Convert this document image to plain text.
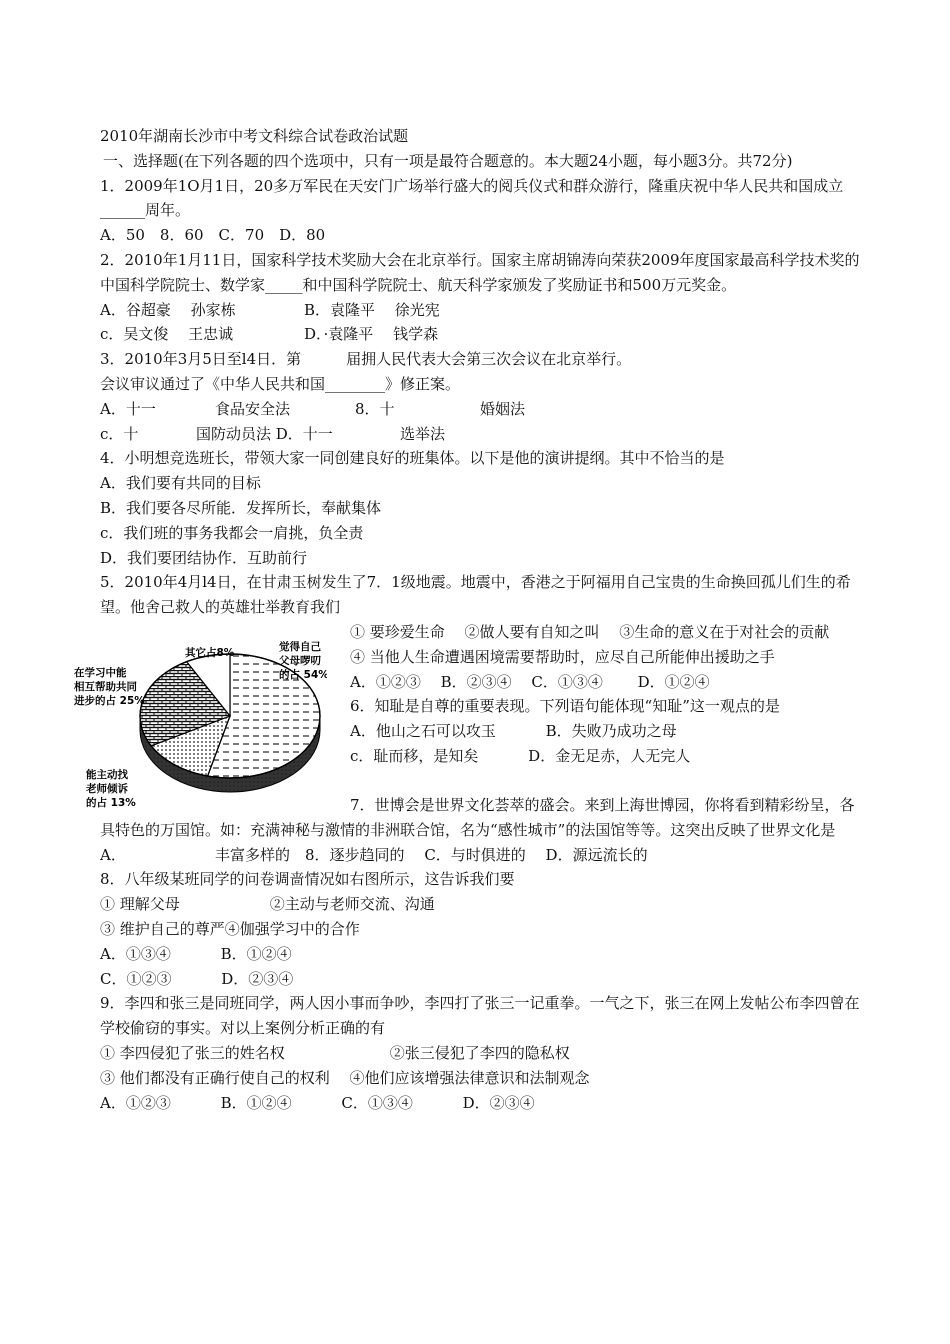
2010年湖南长沙市中考文科综合试卷政治试题
一、选择题(在下列各题的四个选项中，只有一项是最符合题意的。本大题24小题，每小题3分。共72分)
1．2009年1O月1日，20多万军民在天安门广场举行盛大的阅兵仪式和群众游行，隆重庆祝中华人民共和国成立______周年。
A．50　8．60　C．70　D．80
2．2010年1月11日，国家科学技术奖励大会在北京举行。国家主席胡锦涛向荣获2009年度国家最高科学技术奖的中国科学院院士、数学家_____和中国科学院院士、航天科学家颁发了奖励证书和500万元奖金。
A．谷超豪　 孙家栋	B．袁隆平　 徐光宪
c．吴文俊　 王忠诚	D．·袁隆平　 钱学森
3．2010年3月5日至l4日．第　　　届拥人民代表大会第三次会议在北京举行。
会议审议通过了《中华人民共和国________》修正案。
A．十一	食品安全法	8．十	婚姻法
c．十	国防动员法 D．十一	选举法
4．小明想竞选班长，带领大家一同创建良好的班集体。以下是他的演讲提纲。其中不恰当的是
A．我们要有共同的目标
B．我们要各尽所能．发挥所长，奉献集体
c．我们班的事务我都会一肩挑，负全责
D．我们要团结协作．互助前行
5．2010年4月l4日，在甘肃玉树发生了7．1级地震。地震中，香港之于阿福用自己宝贵的生命换回孤儿们生的希望。他舍己救人的英雄壮举教育我们
觉得自己
父母啰叨
的占 54%
其它占8%
在学习中能
相互帮助共同
进步的占 25%
能主动找
老师倾诉
的占 13%
① 要珍爱生命　 ②做人要有自知之叫　 ③生命的意义在于对社会的贡献
④ 当他人生命遭遇困境需要帮助时，应尽自己所能伸出援助之手
A．①②③　 B．②③④　 C．①③④　　 D．①②④
6．知耻是自尊的重要表现。下列语句能体现“知耻”这一观点的是
A．他山之石可以攻玉　　　 B．失败乃成功之母
c．耻而移，是知矣　　　 D．金无足赤，人无完人
7．世博会是世界文化荟萃的盛会。来到上海世博园，你将看到精彩纷呈，各具特色的万国馆。如：充满神秘与激情的非洲联合馆，名为“感性城市”的法国馆等等。这突出反映了世界文化是
A．	丰富多样的　8．逐步趋同的　 C．与时俱进的　 D．源远流长的
8．八年级某班同学的问卷调啬情况如右图所示，这告诉我们要
① 理解父母　　　　　　②主动与老师交流、沟通
③ 维护自己的尊严④伽强学习中的合作
A．①③④　　　 B．①②④
C．①②③　　　 D．②③④
9．李四和张三是同班同学，两人因小事而争吵，李四打了张三一记重拳。一气之下，张三在网上发帖公布李四曾在学校偷窃的事实。对以上案例分析正确的有
① 李四侵犯了张三的姓名权　　　　　　　②张三侵犯了李四的隐私权
③ 他们都没有正确行使自己的权利　 ④他们应该增强法律意识和法制观念
A．①②③　　　 B．①②④　　　 C．①③④　　　 D．②③④
